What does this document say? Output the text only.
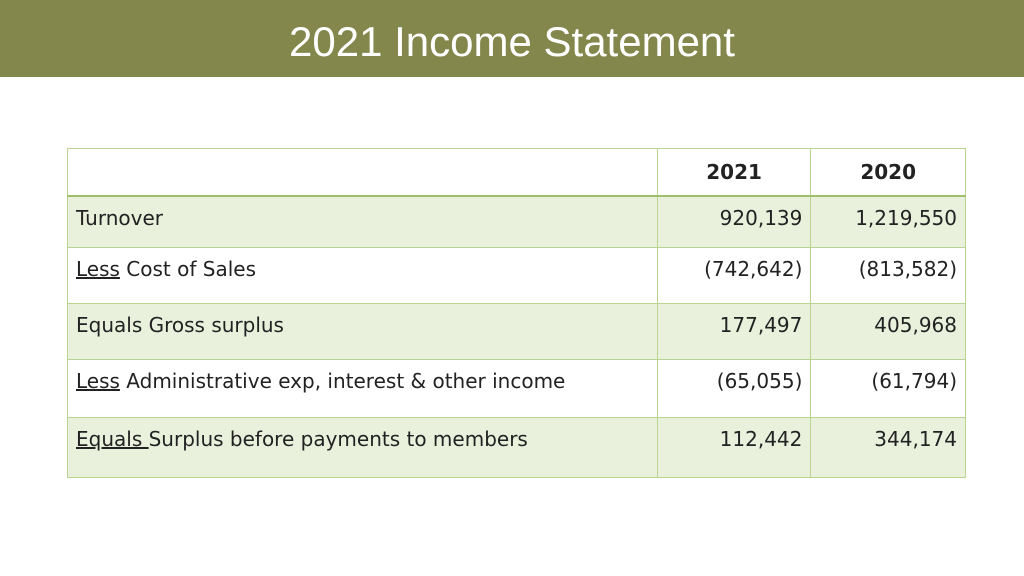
2021 Income Statement
	2021	2020
Turnover	920,139	1,219,550
Less Cost of Sales	(742,642)	(813,582)
Equals Gross surplus	177,497	405,968
Less Administrative exp, interest & other income	(65,055)	(61,794)
Equals Surplus before payments to members	112,442	344,174
